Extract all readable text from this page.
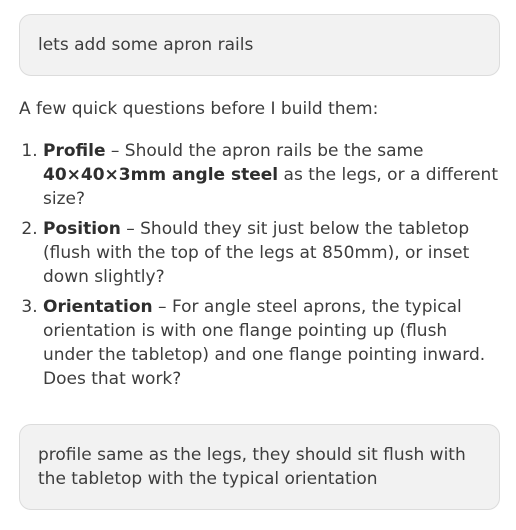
lets add some apron rails

A few quick questions before I build them:

1. Profile – Should the apron rails be the same 40×40×3mm angle steel as the legs, or a different size?
2. Position – Should they sit just below the tabletop (flush with the top of the legs at 850mm), or inset down slightly?
3. Orientation – For angle steel aprons, the typical orientation is with one flange pointing up (flush under the tabletop) and one flange pointing inward. Does that work?
profile same as the legs, they should sit flush with the tabletop with the typical orientation
